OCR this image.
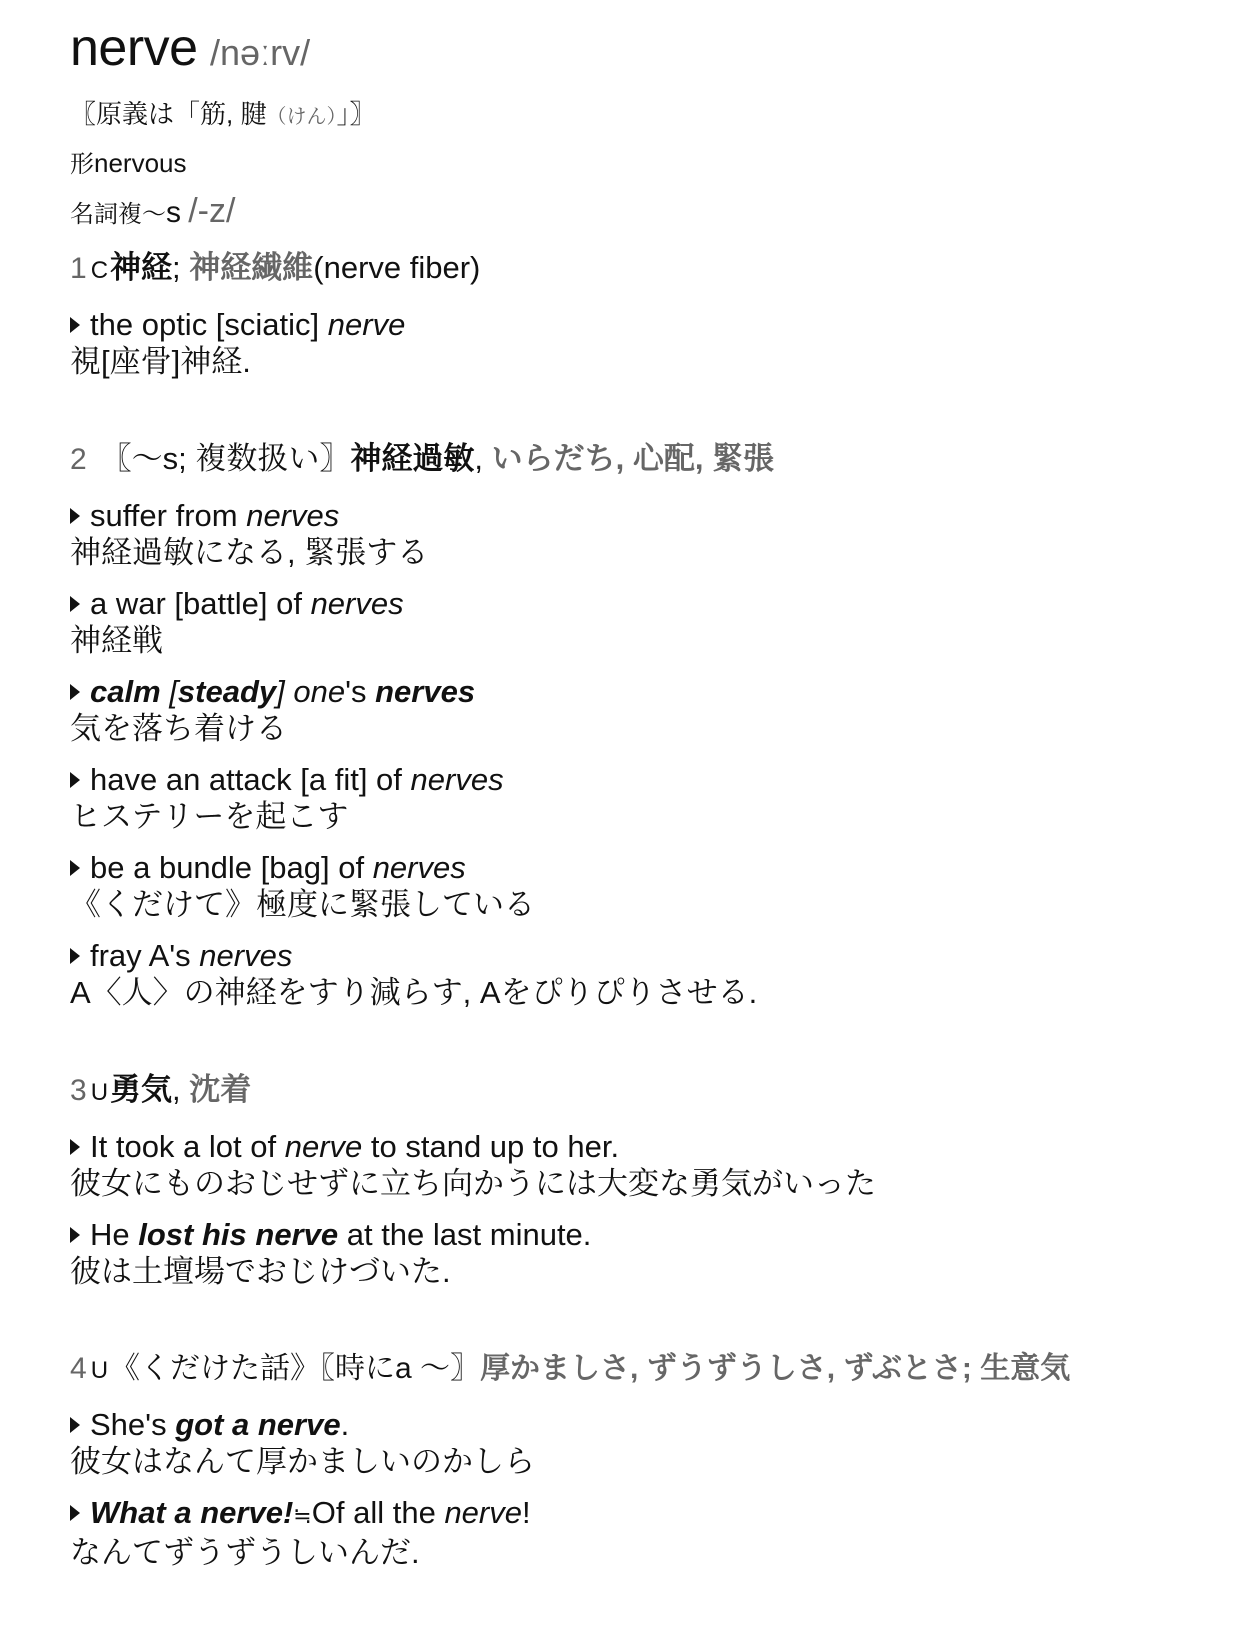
nerve /nəːrv/
〖原義は「筋, 腱（けん）」〗
形nervous
名詞複〜s /-z/
1 C神経; 神経繊維(nerve fiber)
the optic [sciatic] nerve
視[座骨]神経.
2 〖〜s; 複数扱い〗神経過敏, いらだち, 心配, 緊張
suffer from nerves
神経過敏になる, 緊張する
a war [battle] of nerves
神経戦
calm [steady] one's nerves
気を落ち着ける
have an attack [a fit] of nerves
ヒステリーを起こす
be a bundle [bag] of nerves
《くだけて》極度に緊張している
fray A's nerves
A〈人〉の神経をすり減らす, Aをぴりぴりさせる.
3 U勇気, 沈着
It took a lot of nerve to stand up to her.
彼女にものおじせずに立ち向かうには大変な勇気がいった
He lost his nerve at the last minute.
彼は土壇場でおじけづいた.
4 U《くだけた話》〖時にa 〜〗厚かましさ, ずうずうしさ, ずぶとさ; 生意気
She's got a nerve.
彼女はなんて厚かましいのかしら
What a nerve!≒Of all the nerve!
なんてずうずうしいんだ.
